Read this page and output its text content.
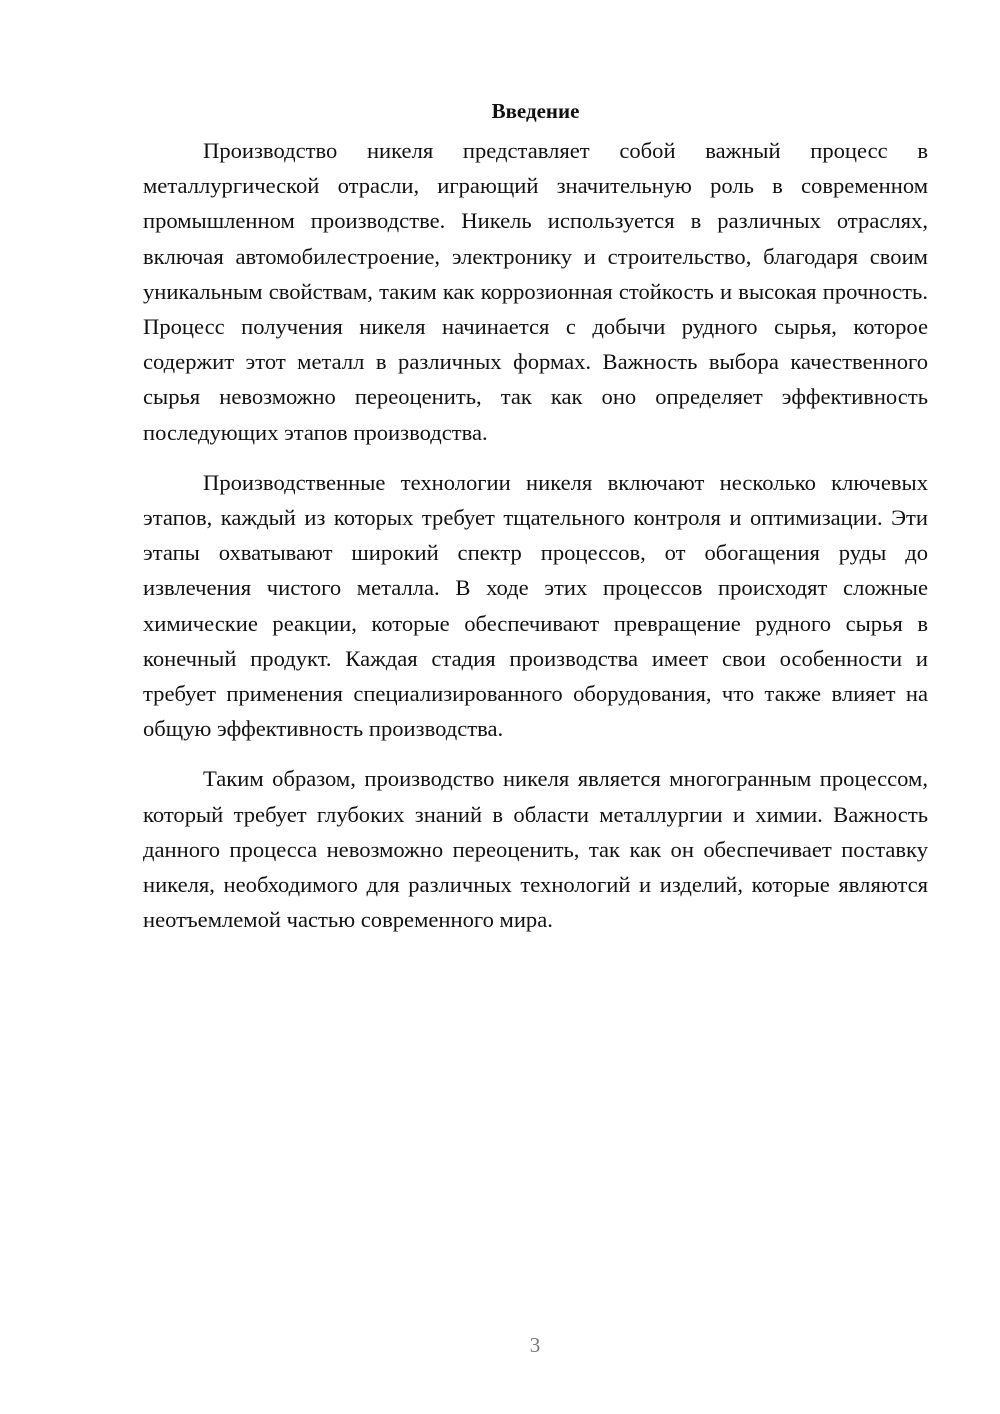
Введение

Производство никеля представляет собой важный процесс в металлургической отрасли, играющий значительную роль в современном промышленном производстве. Никель используется в различных отраслях, включая автомобилестроение, электронику и строительство, благодаря своим уникальным свойствам, таким как коррозионная стойкость и высокая прочность. Процесс получения никеля начинается с добычи рудного сырья, которое содержит этот металл в различных формах. Важность выбора качественного сырья невозможно переоценить, так как оно определяет эффективность последующих этапов производства.

Производственные технологии никеля включают несколько ключевых этапов, каждый из которых требует тщательного контроля и оптимизации. Эти этапы охватывают широкий спектр процессов, от обогащения руды до извлечения чистого металла. В ходе этих процессов происходят сложные химические реакции, которые обеспечивают превращение рудного сырья в конечный продукт. Каждая стадия производства имеет свои особенности и требует применения специализированного оборудования, что также влияет на общую эффективность производства.

Таким образом, производство никеля является многогранным процессом, который требует глубоких знаний в области металлургии и химии. Важность данного процесса невозможно переоценить, так как он обеспечивает поставку никеля, необходимого для различных технологий и изделий, которые являются неотъемлемой частью современного мира.

3
